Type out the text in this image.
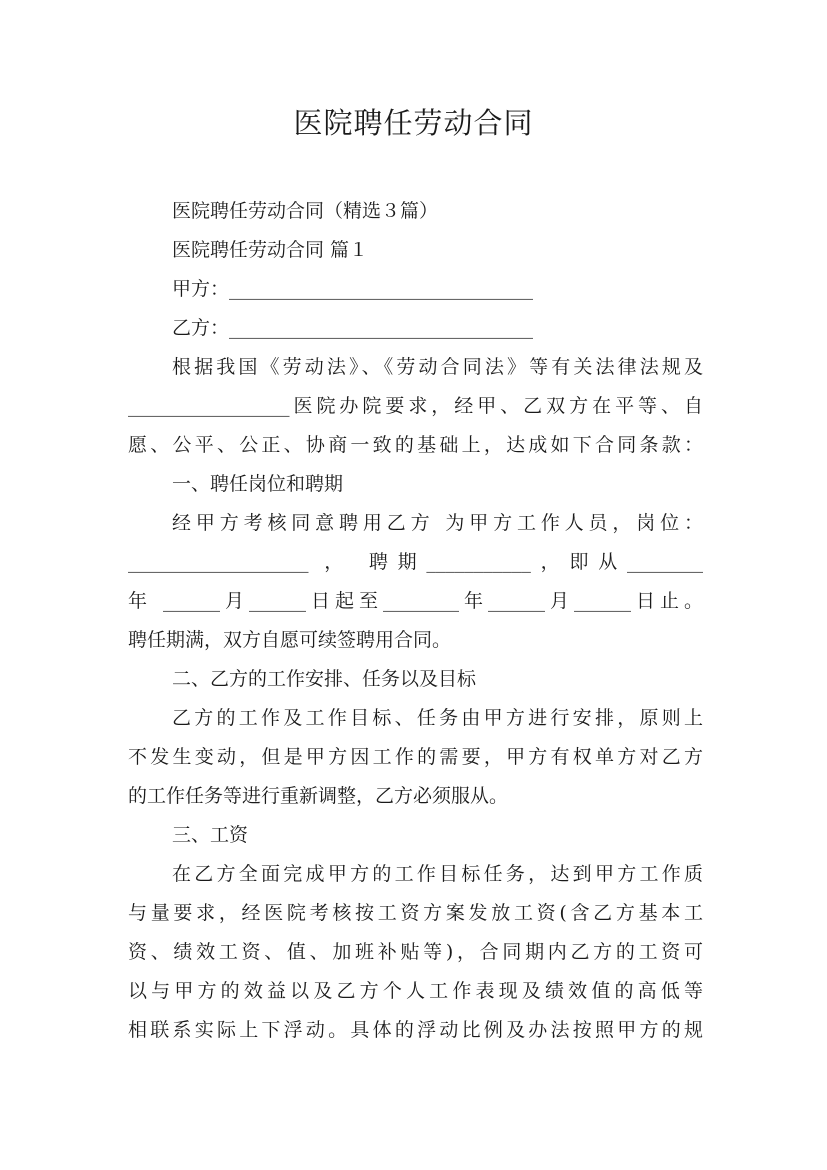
医院聘任劳动合同
医院聘任劳动合同（精选３篇）
医院聘任劳动合同 篇１
甲方：________________________________
乙方：________________________________
根据我国《劳动法》、《劳动合同法》等有关法律法规及
_________________医院办院要求，经甲、乙双方在平等、自
愿、公平、公正、协商一致的基础上，达成如下合同条款：
一、聘任岗位和聘期
经甲方考核同意聘用乙方 为甲方工作人员，岗位：
___________________ ， 聘期___________，即从________
年 ______月______日起至________年______月______日止。
聘任期满，双方自愿可续签聘用合同。
二、乙方的工作安排、任务以及目标
乙方的工作及工作目标、任务由甲方进行安排，原则上
不发生变动，但是甲方因工作的需要，甲方有权单方对乙方
的工作任务等进行重新调整，乙方必须服从。
三、工资
在乙方全面完成甲方的工作目标任务，达到甲方工作质
与量要求，经医院考核按工资方案发放工资(含乙方基本工
资、绩效工资、值、加班补贴等)，合同期内乙方的工资可
以与甲方的效益以及乙方个人工作表现及绩效值的高低等
相联系实际上下浮动。具体的浮动比例及办法按照甲方的规
